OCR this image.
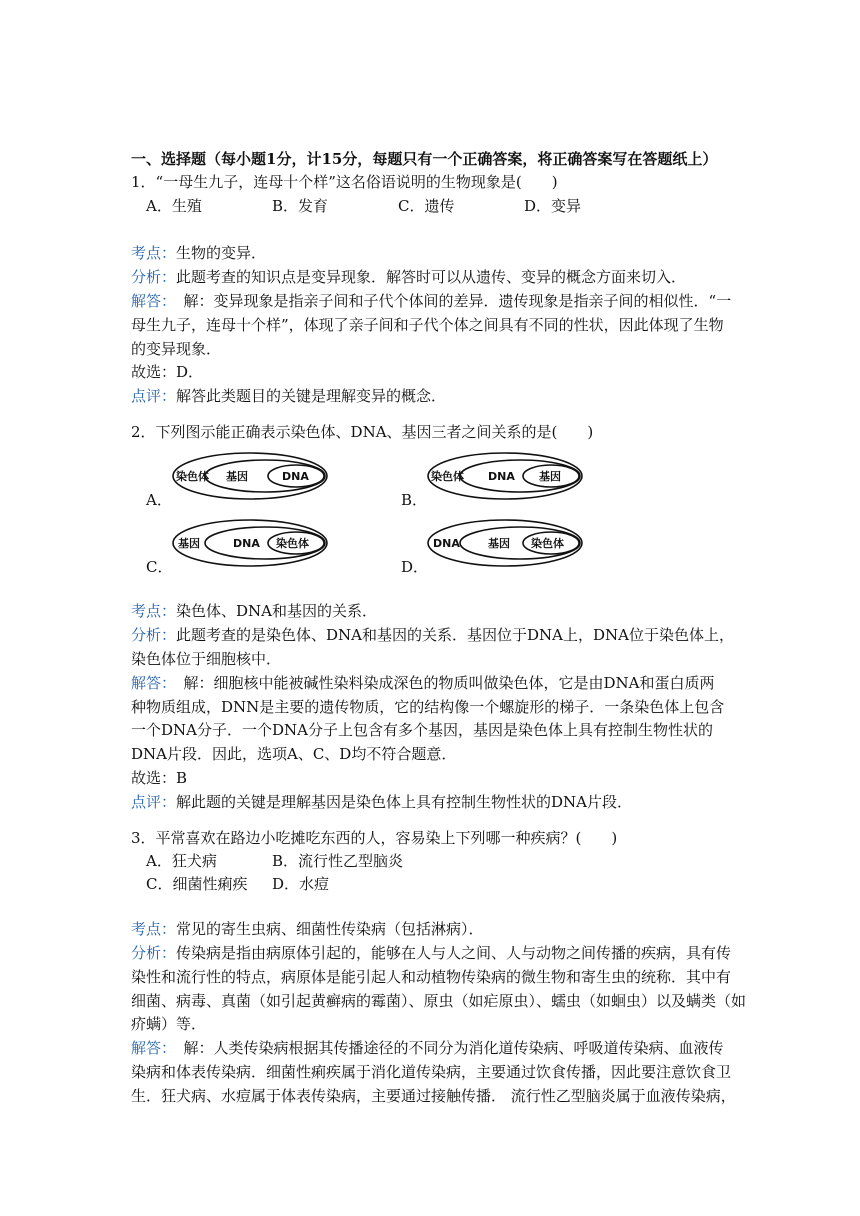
一、选择题（每小题1分，计15分，每题只有一个正确答案，将正确答案写在答题纸上）
1．“一母生九子，连母十个样”这名俗语说明的生物现象是(　　)
A．生殖	B．发育	C．遗传	D．变异
考点：生物的变异．
分析：此题考查的知识点是变异现象．解答时可以从遗传、变异的概念方面来切入．
解答：　解：变异现象是指亲子间和子代个体间的差异．遗传现象是指亲子间的相似性．“一
母生九子，连母十个样”，体现了亲子间和子代个体之间具有不同的性状，因此体现了生物
的变异现象．
故选：D．
点评：解答此类题目的关键是理解变异的概念．
2．下列图示能正确表示染色体、DNA、基因三者之间关系的是(　　)
A．	B．
C．	D．
染色体 基因	DNA	染色体 DNA 基因
基因	DNA 染色体	DNA	基因 染色体
考点：染色体、DNA和基因的关系．
分析：此题考查的是染色体、DNA和基因的关系．基因位于DNA上，DNA位于染色体上，
染色体位于细胞核中．
解答：　解：细胞核中能被碱性染料染成深色的物质叫做染色体，它是由DNA和蛋白质两
种物质组成，DNN是主要的遗传物质，它的结构像一个螺旋形的梯子．一条染色体上包含
一个DNA分子．一个DNA分子上包含有多个基因，基因是染色体上具有控制生物性状的
DNA片段．因此，选项A、C、D均不符合题意．
故选：B
点评：解此题的关键是理解基因是染色体上具有控制生物性状的DNA片段．
3．平常喜欢在路边小吃摊吃东西的人，容易染上下列哪一种疾病？(　　)
A．狂犬病	B．流行性乙型脑炎
C．细菌性痢疾 D．水痘
考点：常见的寄生虫病、细菌性传染病（包括淋病）．
分析：传染病是指由病原体引起的，能够在人与人之间、人与动物之间传播的疾病，具有传
染性和流行性的特点，病原体是能引起人和动植物传染病的微生物和寄生虫的统称．其中有
细菌、病毒、真菌（如引起黄癣病的霉菌）、原虫（如疟原虫）、蠕虫（如蛔虫）以及螨类（如
疥螨）等．
解答：　解：人类传染病根据其传播途径的不同分为消化道传染病、呼吸道传染病、血液传
染病和体表传染病．细菌性痢疾属于消化道传染病，主要通过饮食传播，因此要注意饮食卫
生．狂犬病、水痘属于体表传染病，主要通过接触传播． 流行性乙型脑炎属于血液传染病，
